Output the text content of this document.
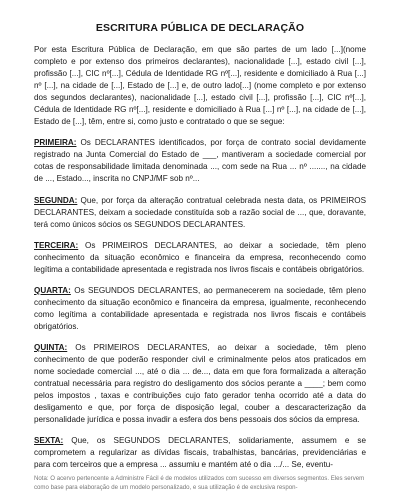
ESCRITURA PÚBLICA DE DECLARAÇÃO

Por esta Escritura Pública de Declaração, em que são partes de um lado [...](nome completo e por extenso dos primeiros declarantes), nacionalidade [...], estado civil [...], profissão [...], CIC nº[...], Cédula de Identidade RG nº[...], residente e domiciliado à Rua [...] nº [...], na cidade de [...], Estado de [...] e, de outro lado[...] (nome completo e por extenso dos segundos declarantes), nacionalidade [...], estado civil [...], profissão [...], CIC nº[...], Cédula de Identidade RG nº[...], residente e domiciliado à Rua [...] nº [...], na cidade de [...], Estado de [...], têm, entre si, como justo e contratado o que se segue:

PRIMEIRA: Os DECLARANTES identificados, por força de contrato social devidamente registrado na Junta Comercial do Estado de ___, mantiveram a sociedade comercial por cotas de responsabilidade limitada denominada ..., com sede na Rua ... nº ......., na cidade de ..., Estado..., inscrita no CNPJ/MF sob nº...

SEGUNDA: Que, por força da alteração contratual celebrada nesta data, os PRIMEIROS DECLARANTES, deixam a sociedade constituída sob a razão social de ..., que, doravante, terá como únicos sócios os SEGUNDOS DECLARANTES.

TERCEIRA: Os PRIMEIROS DECLARANTES, ao deixar a sociedade, têm pleno conhecimento da situação econômico e financeira da empresa, reconhecendo como legítima a contabilidade apresentada e registrada nos livros fiscais e contábeis obrigatórios.

QUARTA: Os SEGUNDOS DECLARANTES, ao permanecerem na sociedade, têm pleno conhecimento da situação econômico e financeira da empresa, igualmente, reconhecendo como legítima a contabilidade apresentada e registrada nos livros fiscais e contábeis obrigatórios.

QUINTA: Os PRIMEIROS DECLARANTES, ao deixar a sociedade, têm pleno conhecimento de que poderão responder civil e criminalmente pelos atos praticados em nome sociedade comercial ..., até o dia ... de..., data em que fora formalizada a alteração contratual necessária para registro do desligamento dos sócios perante a ____; bem como pelos impostos , taxas e contribuições cujo fato gerador tenha ocorrido até a data do desligamento e que, por força de disposição legal, couber a descaracterização da personalidade jurídica e possa invadir a esfera dos bens pessoais dos sócios da empresa.

SEXTA: Que, os SEGUNDOS DECLARANTES, solidariamente, assumem e se comprometem a regularizar as dívidas fiscais, trabalhistas, bancárias, previdenciárias e para com terceiros que a empresa ... assumiu e mantém até o dia .../... Se, eventu-

Nota: O acervo pertencente a Administre Fácil é de modelos utilizados com sucesso em diversos segmentos. Eles servem como base para elaboração de um modelo personalizado, e sua utilização é de exclusiva respon-
